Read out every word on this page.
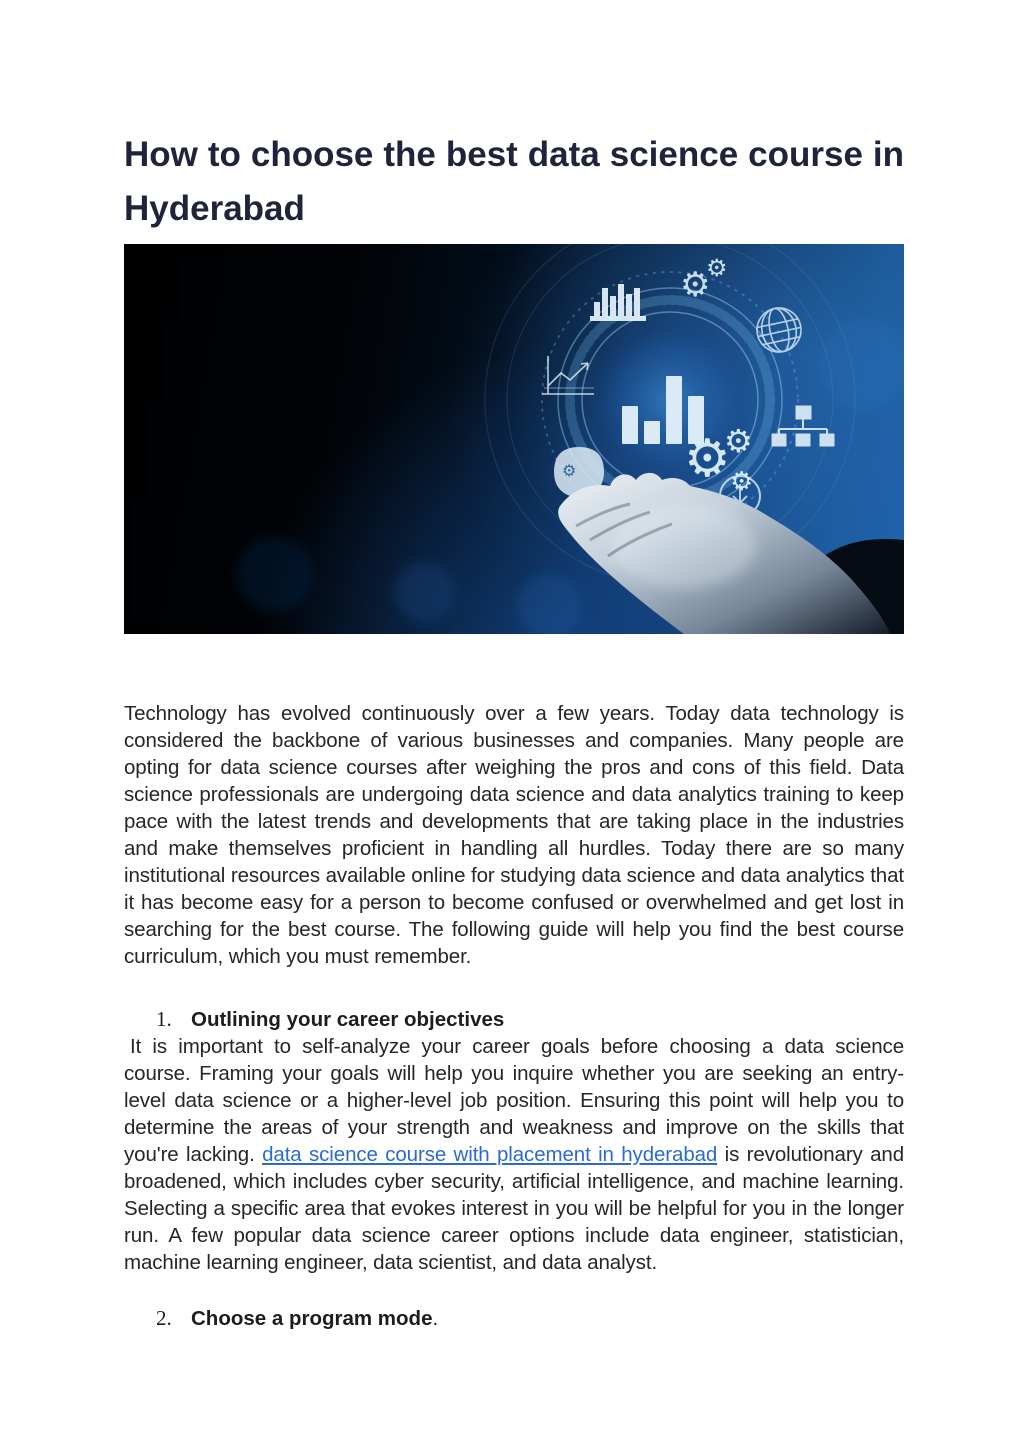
How to choose the best data science course in Hyderabad
⚙
⚙
⚙
⚙
⚙
⚙

Technology has evolved continuously over a few years. Today data technology is considered the backbone of various businesses and companies. Many people are opting for data science courses after weighing the pros and cons of this field. Data science professionals are undergoing data science and data analytics training to keep pace with the latest trends and developments that are taking place in the industries and make themselves proficient in handling all hurdles. Today there are so many institutional resources available online for studying data science and data analytics that it has become easy for a person to become confused or overwhelmed and get lost in searching for the best course. The following guide will help you find the best course curriculum, which you must remember.

1. Outlining your career objectives

It is important to self-analyze your career goals before choosing a data science course. Framing your goals will help you inquire whether you are seeking an entry-level data science or a higher-level job position. Ensuring this point will help you to determine the areas of your strength and weakness and improve on the skills that you're lacking. data science course with placement in hyderabad is revolutionary and broadened, which includes cyber security, artificial intelligence, and machine learning. Selecting a specific area that evokes interest in you will be helpful for you in the longer run. A few popular data science career options include data engineer, statistician, machine learning engineer, data scientist, and data analyst.

2. Choose a program mode.
